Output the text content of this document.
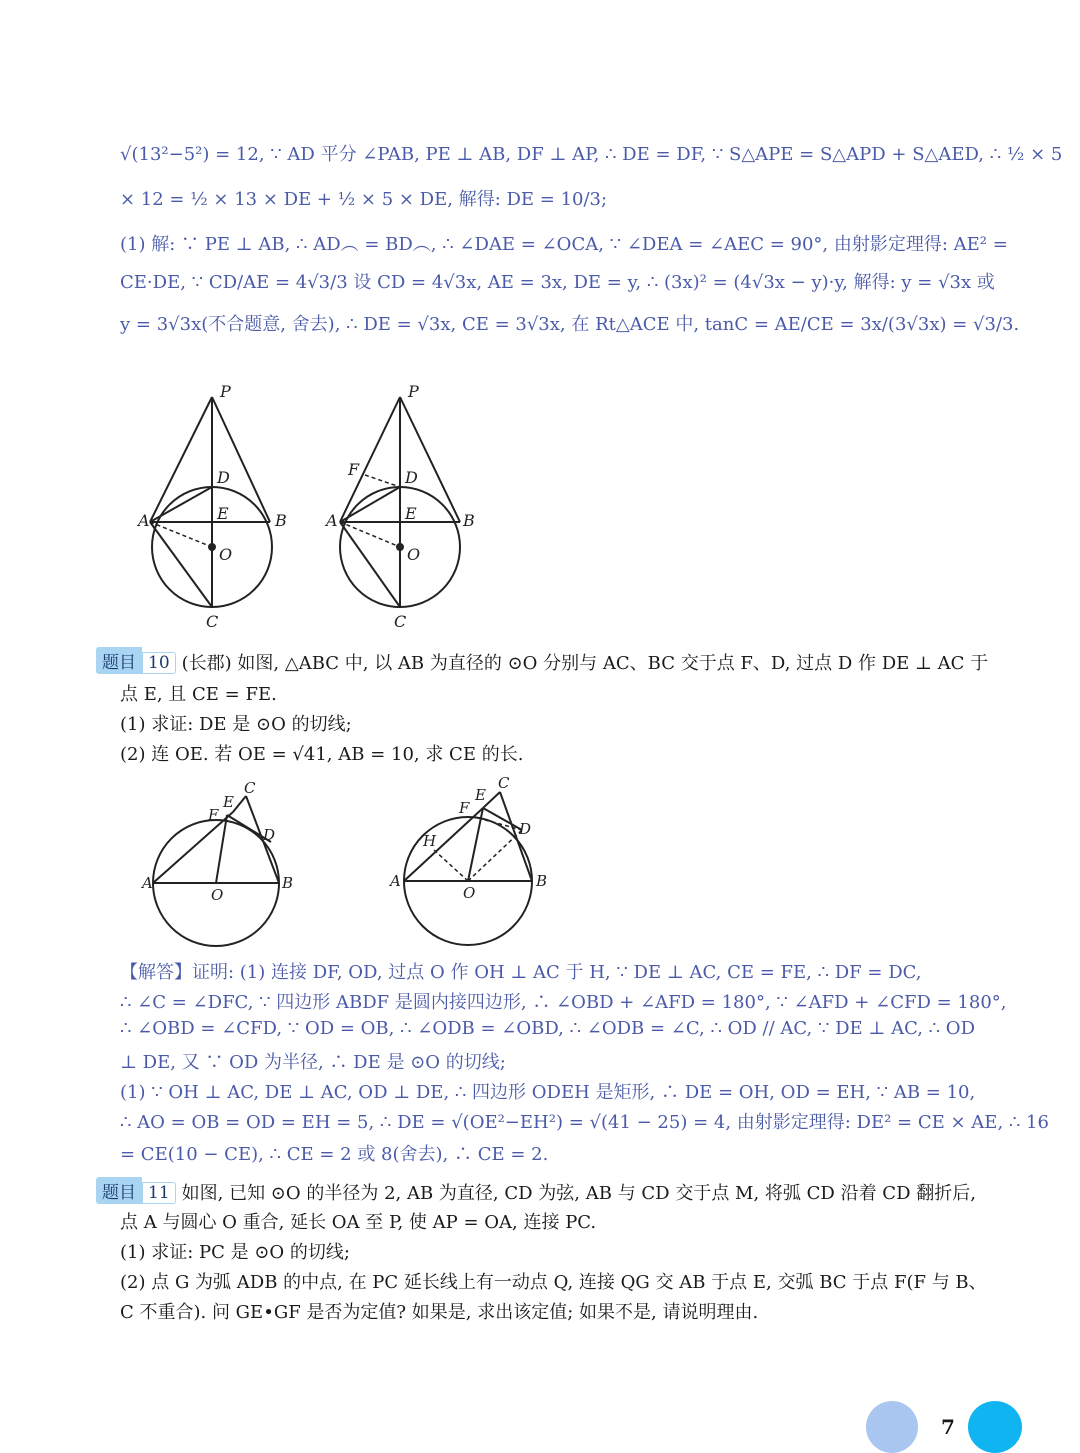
√(13²−5²) = 12, ∵ AD 平分 ∠PAB, PE ⊥ AB, DF ⊥ AP, ∴ DE = DF, ∵ S△APE = S△APD + S△AED, ∴ ½ × 5
× 12 = ½ × 13 × DE + ½ × 5 × DE, 解得: DE = 10/3;
(1) 解: ∵ PE ⊥ AB, ∴ AD︵ = BD︵, ∴ ∠DAE = ∠OCA, ∵ ∠DEA = ∠AEC = 90°, 由射影定理得: AE² =
CE·DE, ∵ CD/AE = 4√3/3 设 CD = 4√3x, AE = 3x, DE = y, ∴ (3x)² = (4√3x − y)·y, 解得: y = √3x 或
y = 3√3x(不合题意, 舍去), ∴ DE = √3x, CE = 3√3x, 在 Rt△ACE 中, tanC = AE/CE = 3x/(3√3x) = √3/3.
P
D
A	E	B
O
C
P
F	D
A	E	B
O
C
题目 10 (长郡) 如图, △ABC 中, 以 AB 为直径的 ⊙O 分别与 AC、BC 交于点 F、D, 过点 D 作 DE ⊥ AC 于
点 E, 且 CE = FE.
(1) 求证: DE 是 ⊙O 的切线;
(2) 连 OE. 若 OE = √41, AB = 10, 求 CE 的长.
C
E
F
D
A
O
B
C
E
F
D
H
A
O
B
【解答】证明: (1) 连接 DF, OD, 过点 O 作 OH ⊥ AC 于 H, ∵ DE ⊥ AC, CE = FE, ∴ DF = DC,
∴ ∠C = ∠DFC, ∵ 四边形 ABDF 是圆内接四边形, ∴ ∠OBD + ∠AFD = 180°, ∵ ∠AFD + ∠CFD = 180°,
∴ ∠OBD = ∠CFD, ∵ OD = OB, ∴ ∠ODB = ∠OBD, ∴ ∠ODB = ∠C, ∴ OD // AC, ∵ DE ⊥ AC, ∴ OD
⊥ DE, 又 ∵ OD 为半径, ∴ DE 是 ⊙O 的切线;
(1) ∵ OH ⊥ AC, DE ⊥ AC, OD ⊥ DE, ∴ 四边形 ODEH 是矩形, ∴ DE = OH, OD = EH, ∵ AB = 10,
∴ AO = OB = OD = EH = 5, ∴ DE = √(OE²−EH²) = √(41 − 25) = 4, 由射影定理得: DE² = CE × AE, ∴ 16
= CE(10 − CE), ∴ CE = 2 或 8(舍去), ∴ CE = 2.
题目 11 如图, 已知 ⊙O 的半径为 2, AB 为直径, CD 为弦, AB 与 CD 交于点 M, 将弧 CD 沿着 CD 翻折后,
点 A 与圆心 O 重合, 延长 OA 至 P, 使 AP = OA, 连接 PC.
(1) 求证: PC 是 ⊙O 的切线;
(2) 点 G 为弧 ADB 的中点, 在 PC 延长线上有一动点 Q, 连接 QG 交 AB 于点 E, 交弧 BC 于点 F(F 与 B、
C 不重合). 问 GE•GF 是否为定值? 如果是, 求出该定值; 如果不是, 请说明理由.
7
